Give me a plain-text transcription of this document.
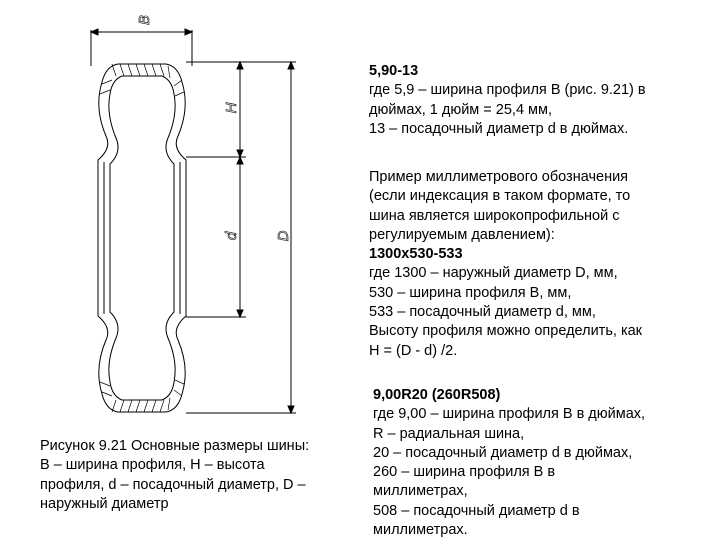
B
H
d D
5,90-13
где 5,9 – ширина профиля В (рис. 9.21) в
дюймах, 1 дюйм = 25,4 мм,
13 – посадочный диаметр d в дюймах.
Пример миллиметрового обозначения
(если индексация в таком формате, то
шина является широкопрофильной с
регулируемым давлением):
1300x530-533
где 1300 – наружный диаметр D, мм,
530 – ширина профиля В, мм,
533 – посадочный диаметр d, мм,
Высоту профиля можно определить, как
H = (D - d) /2.
9,00R20 (260R508)
где 9,00 – ширина профиля В в дюймах,
R – радиальная шина,
20 – посадочный диаметр d в дюймах,
260 – ширина профиля В в
миллиметрах,
508 – посадочный диаметр d в
миллиметрах.
Рисунок 9.21 Основные размеры шины:
В – ширина профиля, Н – высота
профиля, d – посадочный диаметр, D –
наружный диаметр
